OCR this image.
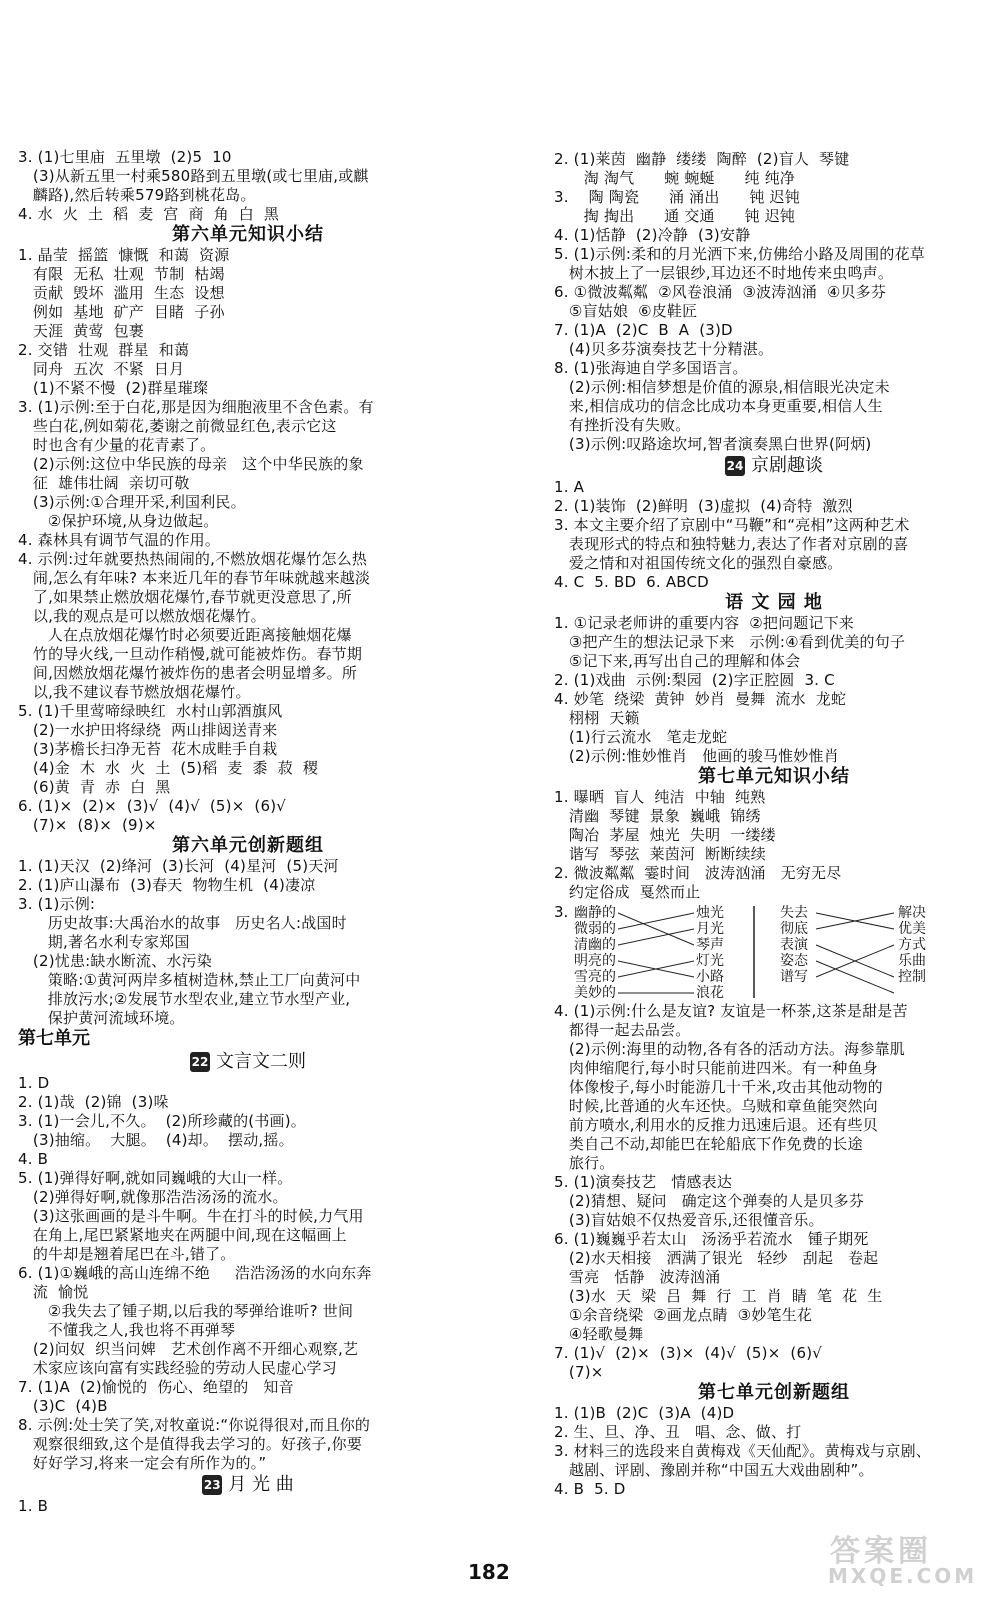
3. (1)七里庙  五里墩  (2)5  10
(3)从新五里一村乘580路到五里墩(或七里庙,或麒
麟路),然后转乘579路到桃花岛。
4. 水  火  土  稻  麦  宫  商  角  白  黑
第六单元知识小结
1. 晶莹  摇篮  慷慨  和蔼  资源
有限  无私  壮观  节制  枯竭
贡献  毁坏  滥用  生态  设想
例如  基地  矿产  目睹  子孙
天涯  黄莺  包裹
2. 交错  壮观  群星  和蔼
同舟  五次  不紧  日月
(1)不紧不慢  (2)群星璀璨
3. (1)示例:至于白花,那是因为细胞液里不含色素。有
些白花,例如菊花,萎谢之前微显红色,表示它这
时也含有少量的花青素了。
(2)示例:这位中华民族的母亲   这个中华民族的象
征  雄伟壮阔  亲切可敬
(3)示例:①合理开采,利国利民。
②保护环境,从身边做起。
4. 森林具有调节气温的作用。
4. 示例:过年就要热热闹闹的,不燃放烟花爆竹怎么热
闹,怎么有年味? 本来近几年的春节年味就越来越淡
了,如果禁止燃放烟花爆竹,春节就更没意思了,所
以,我的观点是可以燃放烟花爆竹。
人在点放烟花爆竹时必须要近距离接触烟花爆
竹的导火线,一旦动作稍慢,就可能被炸伤。春节期
间,因燃放烟花爆竹被炸伤的患者会明显增多。所
以,我不建议春节燃放烟花爆竹。
5. (1)千里莺啼绿映红  水村山郭酒旗风
(2)一水护田将绿绕  两山排闼送青来
(3)茅檐长扫净无苔  花木成畦手自栽
(4)金  木  水  火  土  (5)稻  麦  黍  菽  稷
(6)黄  青  赤  白  黑
6. (1)×  (2)×  (3)√  (4)√  (5)×  (6)√
(7)×  (8)×  (9)×
第六单元创新题组
1. (1)天汉  (2)绛河  (3)长河  (4)星河  (5)天河
2. (1)庐山瀑布  (3)春天  物物生机  (4)凄凉
3. (1)示例:
历史故事:大禹治水的故事   历史名人:战国时
期,著名水利专家郑国
(2)忧患:缺水断流、水污染
策略:①黄河两岸多植树造林,禁止工厂向黄河中
排放污水;②发展节水型农业,建立节水型产业,
保护黄河流域环境。
第七单元
22 文言文二则
1. D
2. (1)哉  (2)锦  (3)哚
3. (1)一会儿,不久。  (2)所珍藏的(书画)。
(3)抽缩。  大腿。  (4)却。  摆动,摇。
4. B
5. (1)弹得好啊,就如同巍峨的大山一样。
(2)弹得好啊,就像那浩浩汤汤的流水。
(3)这张画画的是斗牛啊。牛在打斗的时候,力气用
在角上,尾巴紧紧地夹在两腿中间,现在这幅画上
的牛却是翘着尾巴在斗,错了。
6. (1)①巍峨的高山连绵不绝     浩浩汤汤的水向东奔
流  愉悦
②我失去了锺子期,以后我的琴弹给谁听? 世间
不懂我之人,我也将不再弹琴
(2)问奴  织当问婢   艺术创作离不开细心观察,艺
术家应该向富有实践经验的劳动人民虚心学习
7. (1)A  (2)愉悦的  伤心、绝望的   知音
(3)C  (4)B
8. 示例:处士笑了笑,对牧童说:“你说得很对,而且你的
观察很细致,这个是值得我去学习的。好孩子,你要
好好学习,将来一定会有所作为的。”
23 月 光 曲
1. B
2. (1)莱茵  幽静  缕缕  陶醉  (2)盲人  琴键
淘 淘气      蜿 蜿蜒      纯 纯净
3.    陶 陶瓷      涌 涌出      钝 迟钝
掏 掏出      通 交通      钝 迟钝
4. (1)恬静  (2)冷静  (3)安静
5. (1)示例:柔和的月光洒下来,仿佛给小路及周围的花草
树木披上了一层银纱,耳边还不时地传来虫鸣声。
6. ①微波粼粼  ②风卷浪涌  ③波涛汹涌  ④贝多芬
⑤盲姑娘  ⑥皮鞋匠
7. (1)A  (2)C  B  A  (3)D
(4)贝多芬演奏技艺十分精湛。
8. (1)张海迪自学多国语言。
(2)示例:相信梦想是价值的源泉,相信眼光决定未
来,相信成功的信念比成功本身更重要,相信人生
有挫折没有失败。
(3)示例:叹路途坎坷,智者演奏黑白世界(阿炳)
24 京剧趣谈
1. A
2. (1)装饰  (2)鲜明  (3)虚拟  (4)奇特  激烈
3. 本文主要介绍了京剧中“马鞭”和“亮相”这两种艺术
表现形式的特点和独特魅力,表达了作者对京剧的喜
爱之情和对祖国传统文化的强烈自豪感。
4. C  5. BD  6. ABCD
语 文 园 地
1. ①记录老师讲的重要内容  ②把问题记下来
③把产生的想法记录下来   示例:④看到优美的句子
⑤记下来,再写出自己的理解和体会
2. (1)戏曲  示例:梨园  (2)字正腔圆  3. C
4. 妙笔  绕梁  黄钟  妙肖  曼舞  流水  龙蛇
栩栩  天籁
(1)行云流水   笔走龙蛇
(2)示例:惟妙惟肖   他画的骏马惟妙惟肖
第七单元知识小结
1. 曝晒  盲人  纯洁  中轴  纯熟
清幽  琴键  景象  巍峨  锦绣
陶冶  茅屋  烛光  失明  一缕缕
谐写  琴弦  莱茵河  断断续续
2. 微波粼粼  霎时间   波涛汹涌   无穷无尽
约定俗成  戛然而止
3. 幽静的
微弱的
清幽的
明亮的
雪亮的
美妙的
烛光
月光
琴声
灯光
小路
浪花
失去
彻底
表演
姿态
谱写
解决
优美
方式
乐曲
控制
4. (1)示例:什么是友谊? 友谊是一杯茶,这茶是甜是苦
都得一起去品尝。
(2)示例:海里的动物,各有各的活动方法。海参靠肌
肉伸缩爬行,每小时只能前进四米。有一种鱼身
体像梭子,每小时能游几十千米,攻击其他动物的
时候,比普通的火车还快。乌贼和章鱼能突然向
前方喷水,利用水的反推力迅速后退。还有些贝
类自己不动,却能巴在轮船底下作免费的长途
旅行。
5. (1)演奏技艺   情感表达
(2)猜想、疑问   确定这个弹奏的人是贝多芬
(3)盲姑娘不仅热爱音乐,还很懂音乐。
6. (1)巍巍乎若太山   汤汤乎若流水   锺子期死
(2)水天相接   洒满了银光   轻纱   刮起   卷起
雪亮   恬静   波涛汹涌
(3)水  天  梁  吕  舞  行  工  肖  睛  笔  花  生
①余音绕梁  ②画龙点睛  ③妙笔生花
④轻歌曼舞
7. (1)√  (2)×  (3)×  (4)√  (5)×  (6)√
(7)×
第七单元创新题组
1. (1)B  (2)C  (3)A  (4)D
2. 生、旦、净、丑   唱、念、做、打
3. 材料三的选段来自黄梅戏《天仙配》。黄梅戏与京剧、
越剧、评剧、豫剧并称“中国五大戏曲剧种”。
4. B  5. D
182
答案圈
MXQE.COM
